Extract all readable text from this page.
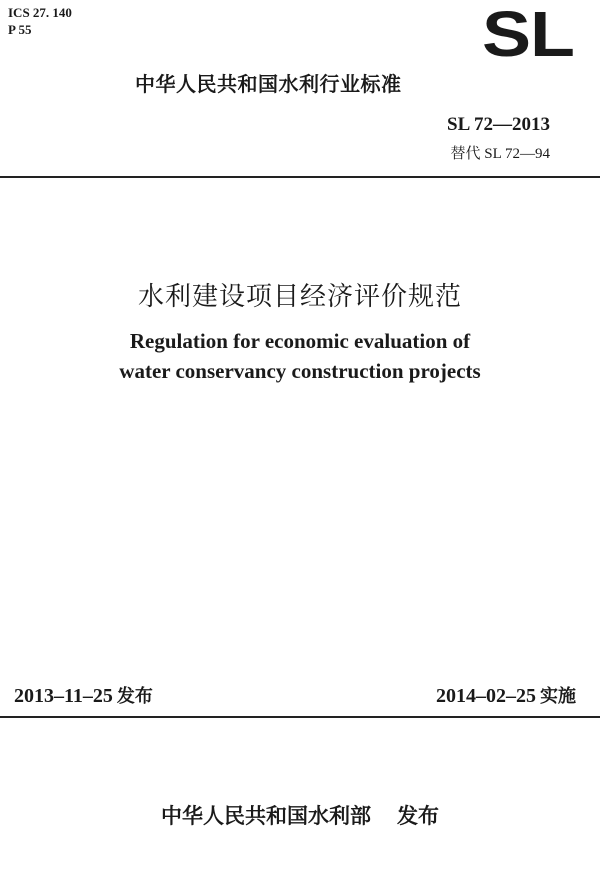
ICS 27. 140
P 55	SL
中华人民共和国水利行业标准
SL 72—2013
替代 SL 72—94
水利建设项目经济评价规范
Regulation for economic evaluation of
water conservancy construction projects
2013–11–25 发布	2014–02–25 实施
中华人民共和国水利部 发布
